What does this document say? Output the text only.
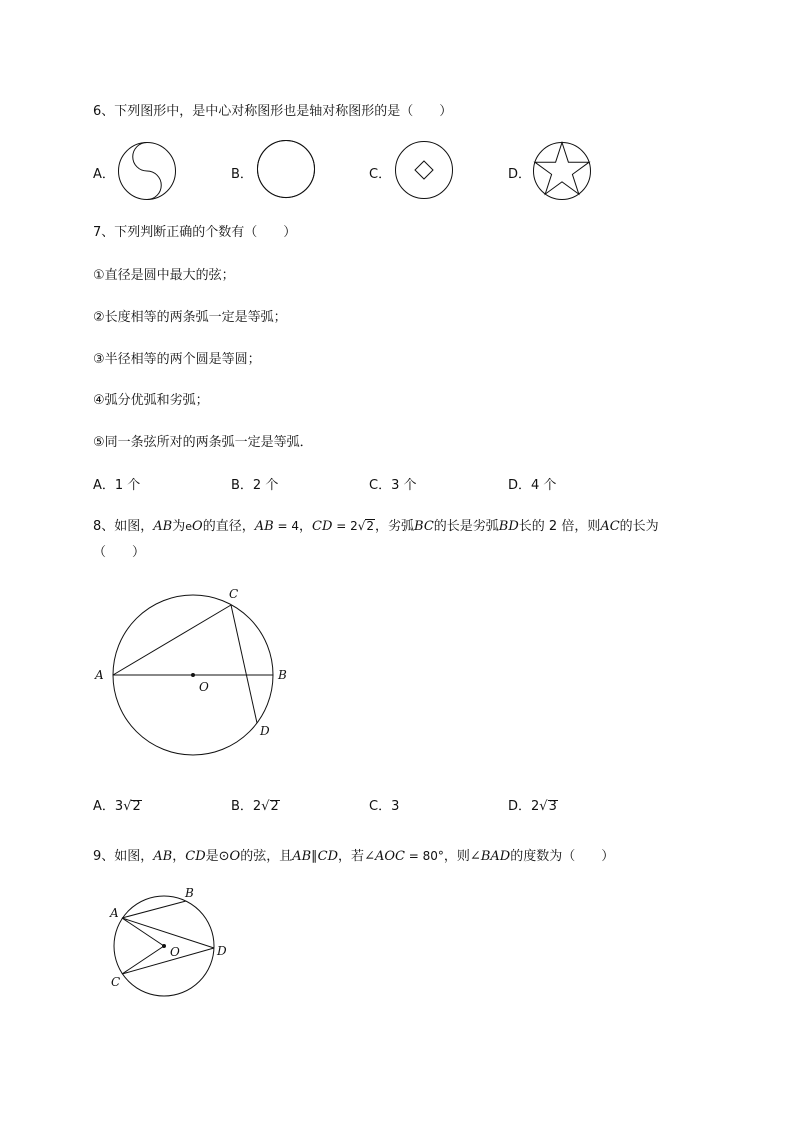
6、下列图形中，是中心对称图形也是轴对称图形的是（　　）
A．	B．	C．	D．
7、下列判断正确的个数有（　　）
①直径是圆中最大的弦；
②长度相等的两条弧一定是等弧；
③半径相等的两个圆是等圆；
④弧分优弧和劣弧；
⑤同一条弦所对的两条弧一定是等弧．
A．1 个	B．2 个	C．3 个	D．4 个
8、如图，AB为eO的直径，AB = 4，CD = 2√2，劣弧BC的长是劣弧BD长的 2 倍，则AC的长为
（　　）
A	B
C
D
O
A．3√2	B．2√2	C．3	D．2√3
9、如图，AB，CD是⊙O的弦，且AB∥CD，若∠AOC = 80°，则∠BAD的度数为（　　）
A
B
C
D
O
